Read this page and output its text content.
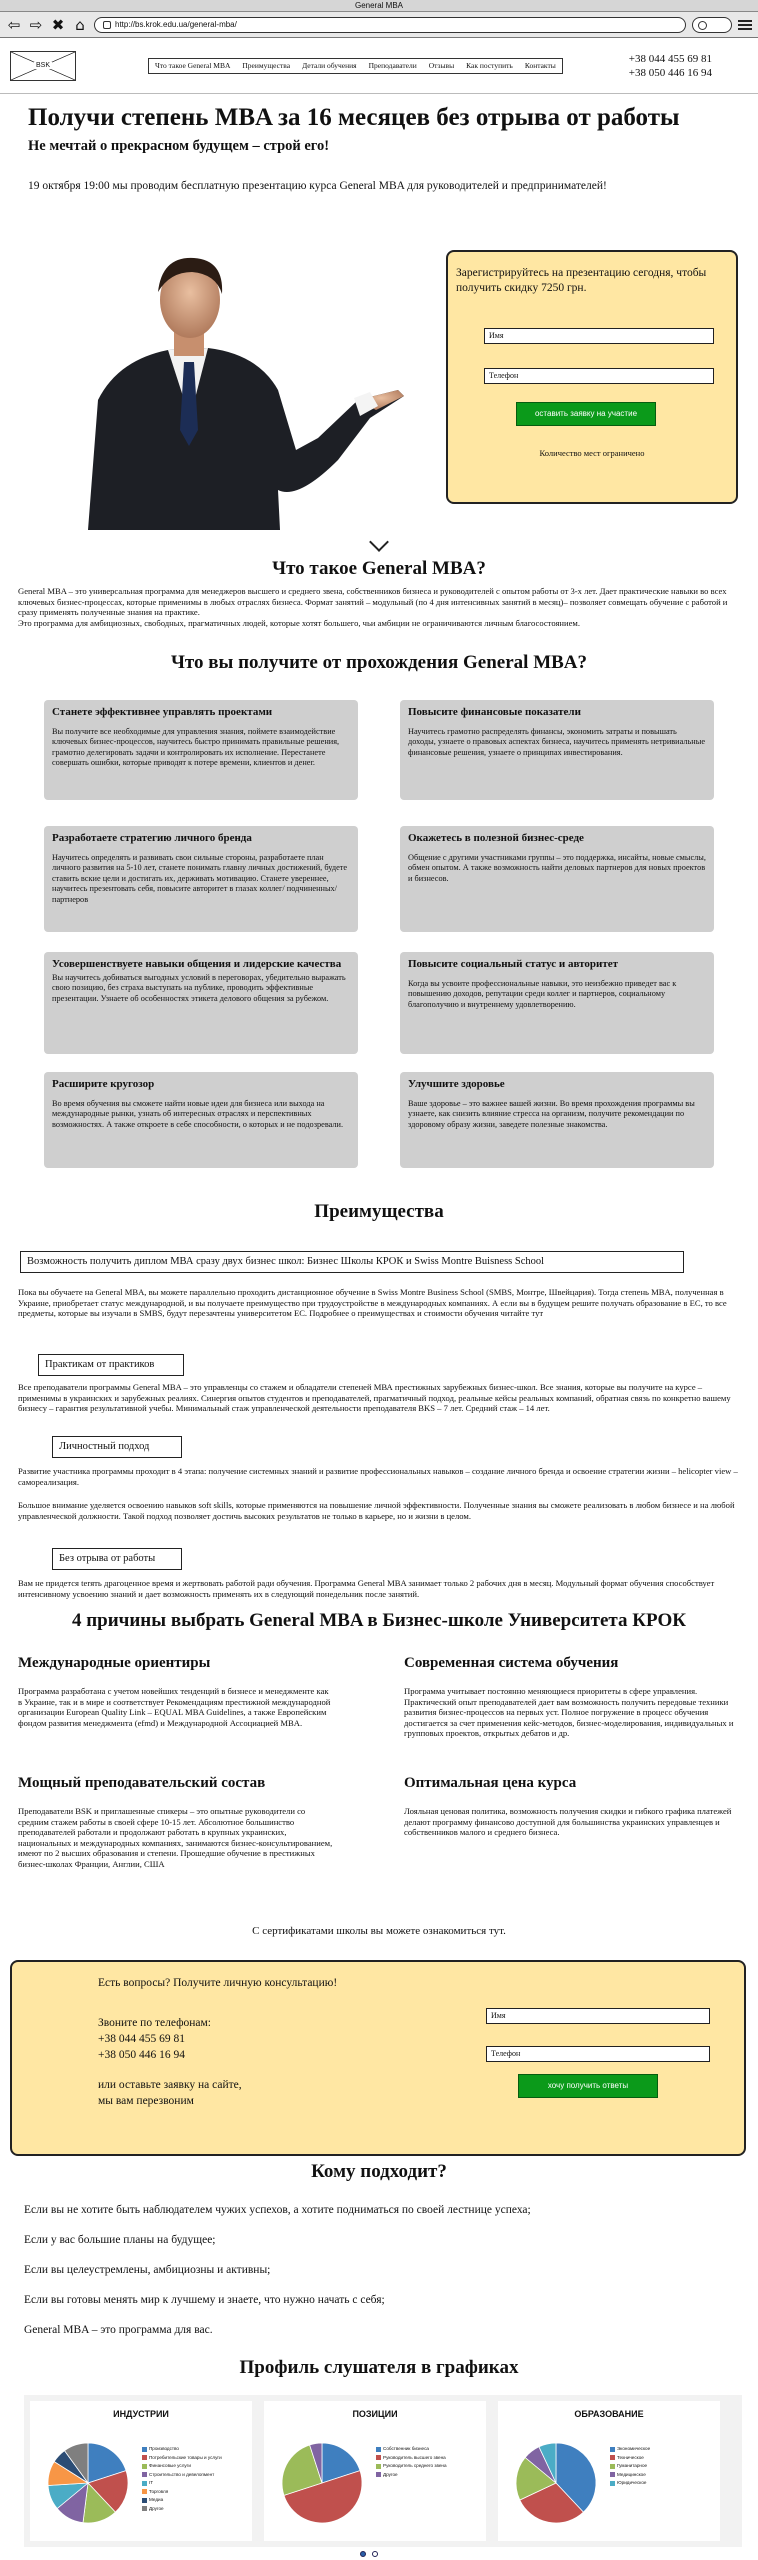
General MBA
⇦ ⇨ ✖ ⌂	http://bs.krok.edu.ua/general-mba/
BSK	Что такое General MBA Преимущества Детали обучения Преподаватели Отзывы Как поступить Контакты
+38 044 455 69 81
+38 050 446 16 94
Получи степень MBA за 16 месяцев без отрыва от работы
Не мечтай о прекрасном будущем – строй его!
19 октября 19:00 мы проводим бесплатную презентацию курса General MBA для руководителей и предпринимателей!
Зарегистрируйтесь на презентацию сегодня, чтобы получить скидку 7250 грн.
Имя
Телефон
оставить заявку на участие
Количество мест ограничено
Что такое General MBA?
General MBA – это универсальная программа для менеджеров высшего и среднего звена, собственников бизнеса и руководителей с опытом работы от 3-х лет. Дает практические навыки во всех ключевых бизнес-процессах, которые применимы в любых отраслях бизнеса. Формат занятий – модульный (по 4 дня интенсивных занятий в месяц)– позволяет совмещать обучение с работой и сразу применять полученные знания на практике.
Это программа для амбициозных, свободных, прагматичных людей, которые хотят большего, чьи амбиции не ограничиваются личным благосостоянием.
Что вы получите от прохождения General MBA?
Станете эффективнее управлять проектами

Вы получите все необходимые для управления знания, поймете взаимодействие ключевых бизнес-процессов, научитесь быстро принимать правильные решения, грамотно делегировать задачи и контролировать их исполнение. Перестанете совершать ошибки, которые приводят к потере времени, клиентов и денег.

Повысите финансовые показатели

Научитесь грамотно распределять финансы, экономить затраты и повышать доходы, узнаете о правовых аспектах бизнеса, научитесь применять нетривиальные финансовые решения, узнаете о принципах инвестирования.

Разработаете стратегию личного бренда

Научитесь определять и развивать свои сильные стороны, разработаете план личного развития на 5-10 лет, станете понимать главну личных достижений, будете ставить вские цели и достигать их, держивать мотивацию. Станете увереннее, научитесь презентовать себя, повысите авторитет в глазах коллег/ подчиненных/партнеров

Окажетесь в полезной бизнес-среде

Общение с другими участниками группы – это поддержка, инсайты, новые смыслы, обмен опытом. А также возможность найти деловых партнеров для новых проектов и бизнесов.

Усовершенствуете навыки общения и лидерские качества

Вы научитесь добиваться выгодных условий в переговорах, убедительно выражать свою позицию, без страха выступать на публике, проводить эффективные презентации. Узнаете об особенностях этикета делового общения за рубежом.

Повысите социальный статус и авторитет

Когда вы усвоите профессиональные навыки, это неизбежно приведет вас к повышению доходов, репутации среди коллег и партнеров, социальному благополучию и внутреннему удовлетворению.

Расширите кругозор

Во время обучения вы сможете найти новые идеи для бизнеса или выхода на международные рынки, узнать об интересных отраслях и перспективных возможностях. А также откроете в себе способности, о которых и не подозревали.

Улучшите здоровье

Ваше здоровье – это важнее вашей жизни. Во время прохождения программы вы узнаете, как снизить влияние стресса на организм, получите рекомендации по здоровому образу жизни, заведете полезные знакомства.

Преимущества
Возможность получить диплом МВА сразу двух бизнес школ: Бизнес Школы КРОК и Swiss Montre Buisness School
Пока вы обучаете на General MBA, вы можете параллельно проходить дистанционное обучение в Swiss Montre Business School (SMBS, Монтре, Швейцария). Тогда степень MBA, полученная в Украине, приобретает статус международной, и вы получаете преимущество при трудоустройстве в международных компаниях. А если вы в будущем решите получать образование в ЕС, то все предметы, которые вы изучали в SMBS, будут перезачтены университетом ЕС. Подробнее о преимуществах и стоимости обучения читайте тут
Практикам от практиков
Все преподаватели программы General MBA – это управленцы со стажем и обладатели степеней МВА престижных зарубежных бизнес-школ. Все знания, которые вы получите на курсе – применимы в украинских и зарубежных реалиях. Синергия опытов студентов и преподавателей, прагматичный подход, реальные кейсы реальных компаний, обратная связь по конкретно вашему бизнесу – гарантия результативной учебы. Минимальный стаж управленческой деятельности преподавателя BKS – 7 лет. Средний стаж – 14 лет.
Личностный подход
Развитие участника программы проходит в 4 этапа: получение системных знаний и развитие профессиональных навыков – создание личного бренда и освоение стратегии жизни – helicopter view – самореализация.
Большое внимание уделяется освоению навыков soft skills, которые применяются на повышение личной эффективности. Полученные знания вы сможете реализовать в любом бизнесе и на любой управленческой должности. Такой подход позволяет достичь высоких результатов не только в карьере, но и жизни в целом.
Без отрыва от работы
Вам не придется terять драгоценное время и жертвовать работой ради обучения. Программа General MBA занимает только 2 рабочих дня в месяц. Модульный формат обучения способствует интенсивному усвоению знаний и дает возможность применять их в следующий понедельник после занятий.
4 причины выбрать General MBA в Бизнес-школе Университета КРОК
Международные ориентиры
Программа разработана с учетом новейших тенденций в бизнесе и менеджменте как в Украине, так и в мире и соответствует Рекомендациям престижной международной организации European Quality Link – EQUAL MBA Guidelines, а также Европейским фондом развития менеджмента (efmd) и Международной Ассоциацией MBA.
Современная система обучения
Программа учитывает постоянно меняющиеся приоритеты в сфере управления. Практический опыт преподавателей дает вам возможность получить передовые техники развития бизнес-процессов на первых уст. Полное погружение в процесс обучения достигается за счет применения кейс-методов, бизнес-моделирования, индивидуальных и групповых проектов, открытых дебатов и др.
Мощный преподавательский состав
Преподаватели BSK и приглашенные спикеры – это опытные руководители со средним стажем работы в своей сфере 10-15 лет. Абсолютное большинство преподавателей работали и продолжают работать в крупных украинских, национальных и международных компаниях, занимаются бизнес-консультированием, имеют по 2 высших образования и степени. Прошедшие обучение в престижных бизнес-школах Франции, Англии, США
Оптимальная цена курса
Лояльная ценовая политика, возможность получения скидки и гибкого графика платежей делают программу финансово доступной для большинства украинских управленцев и собственников малого и среднего бизнеса.
С сертификатами школы вы можете ознакомиться тут.
Есть вопросы? Получите личную консультацию!
Звоните по телефонам:
+38 044 455 69 81
+38 050 446 16 94
или оставьте заявку на сайте,
мы вам перезвоним
Имя
Телефон
хочу получить ответы
Кому подходит?
Если вы не хотите быть наблюдателем чужих успехов, а хотите подниматься по своей лестнице успеха;
Если у вас большие планы на будущее;
Если вы целеустремлены, амбициозны и активны;
Если вы готовы менять мир к лучшему и знаете, что нужно начать с себя;
General MBA – это программа для вас.
Профиль слушателя в графиках
ИНДУСТРИИ
Производство
Потребительские товары и услуги
Финансовые услуги
Строительство и девелопмент
IT
Торговля
Медиа
Другое
ПОЗИЦИИ
Собственник бизнеса
Руководитель высшего звена
Руководитель среднего звена
Другое
ОБРАЗОВАНИЕ
Экономическое
Техническое
Гуманитарное
Медицинское
Юридическое
